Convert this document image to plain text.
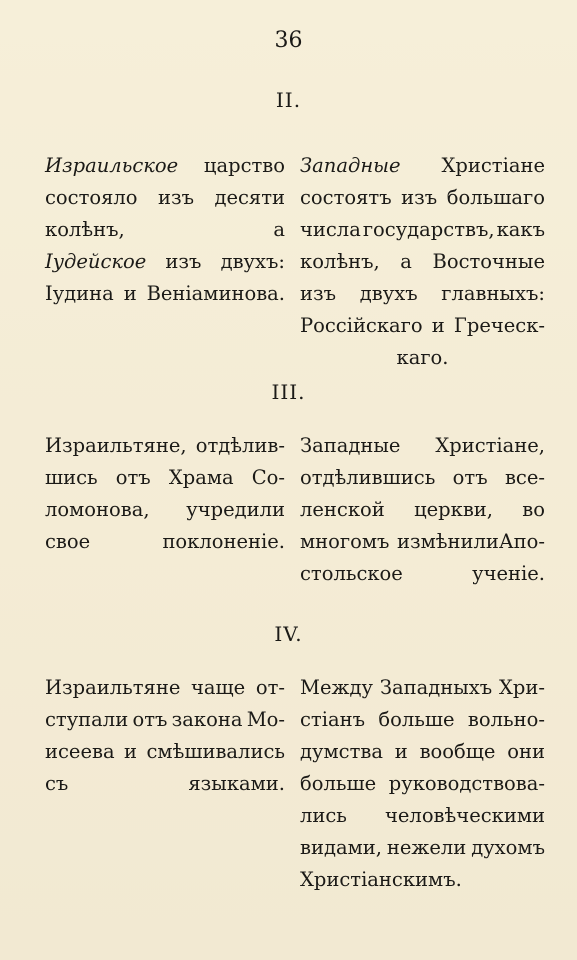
36
II.
Израильское царство
состояло изъ десяти
колѣнъ,	а
Іудейское изъ двухъ:
Іудина и Веніаминова.
Западные Христіане
состоятъ изъ большаго
числа государствъ, какъ
колѣнъ, а Восточные
изъ двухъ главныхъ:
Россійскаго и Греческ-
каго.
III.
Израильтяне, отдѣлив-
шись отъ Храма Со-
ломонова, учредили
свое	поклоненіе.
Западные Христіане,
отдѣлившись отъ все-
ленской церкви, во
многомъ измѣнилиАпо-
стольское	ученіе.
IV.
Израильтяне чаще от-
ступали отъ закона Мо-
исеева и смѣшивались
съ	языками.
Между Западныхъ Хри-
стіанъ больше вольно-
думства и вообще они
больше руководствова-
лись человѣческими
видами, нежели духомъ
Христіанскимъ.
